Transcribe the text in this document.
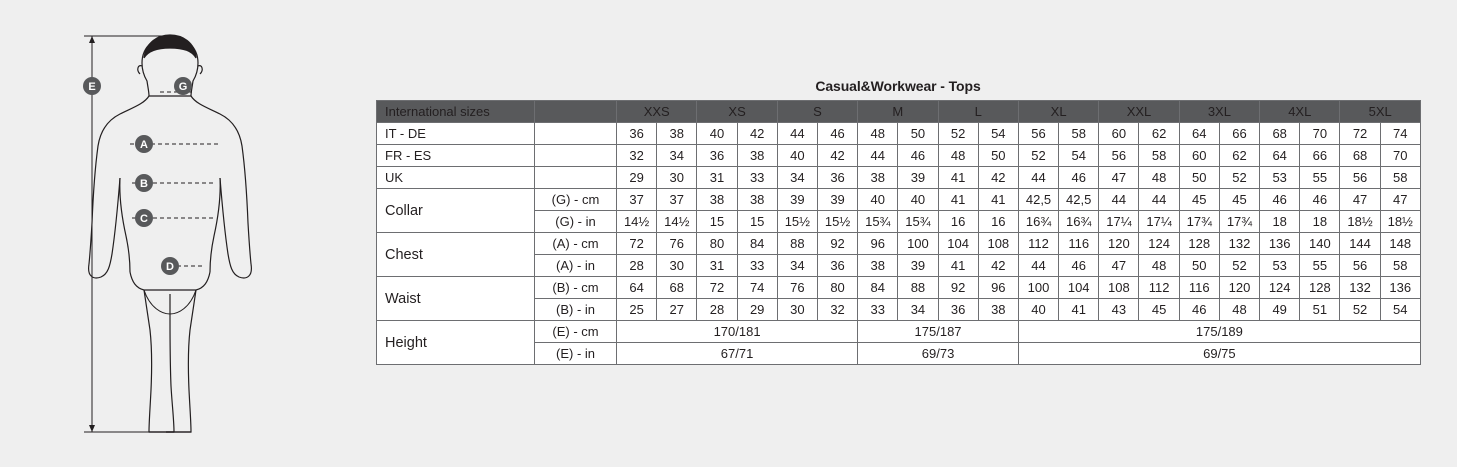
E	G
A
B
C
D
Casual&Workwear - Tops
International sizes		XXS		XS		S		M		L		XL		XXL		3XL		4XL		5XL	
IT - DE		36	38	40	42	44	46	48	50	52	54	56	58	60	62	64	66	68	70	72	74
FR - ES		32	34	36	38	40	42	44	46	48	50	52	54	56	58	60	62	64	66	68	70
UK		29	30	31	33	34	36	38	39	41	42	44	46	47	48	50	52	53	55	56	58
Collar	(G) - cm	37	37	38	38	39	39	40	40	41	41	42,5	42,5	44	44	45	45	46	46	47	47
	(G) - in	14½	14½	15	15	15½	15½	15¾	15¾	16	16	16¾	16¾	17¼	17¼	17¾	17¾	18	18	18½	18½
Chest	(A) - cm	72	76	80	84	88	92	96	100	104	108	112	116	120	124	128	132	136	140	144	148
	(A) - in	28	30	31	33	34	36	38	39	41	42	44	46	47	48	50	52	53	55	56	58
Waist	(B) - cm	64	68	72	74	76	80	84	88	92	96	100	104	108	112	116	120	124	128	132	136
	(B) - in	25	27	28	29	30	32	33	34	36	38	40	41	43	45	46	48	49	51	52	54
Height	(E) - cm	170/181						175/187				175/189									
	(E) - in	67/71						69/73				69/75									
